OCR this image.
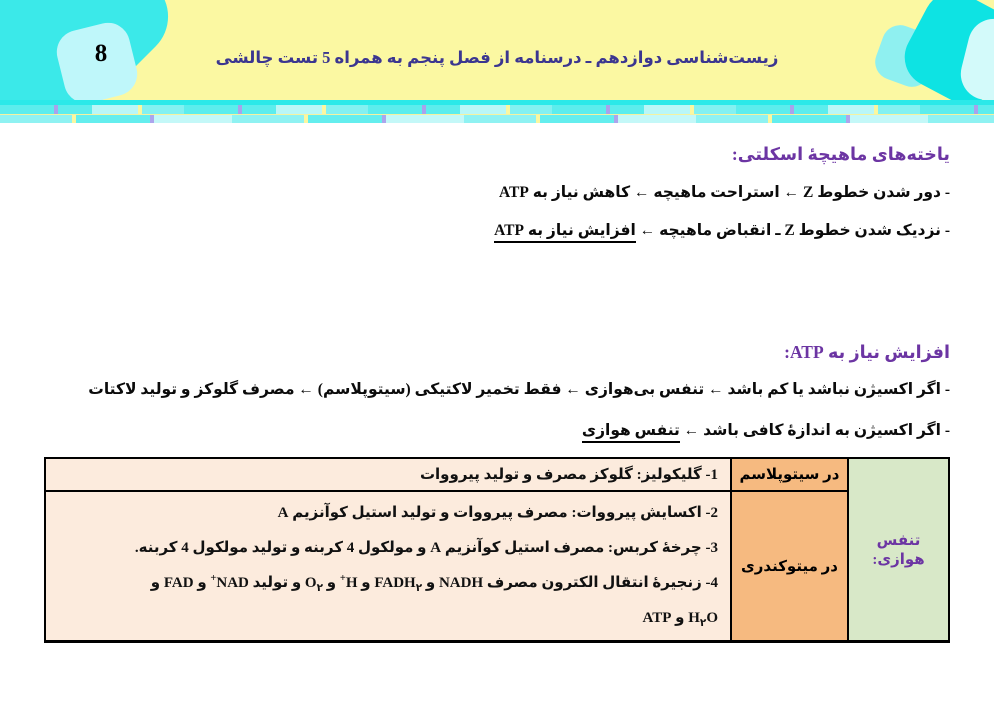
8	زیست‌شناسی دوازدهم ـ درسنامه از فصل پنجم به همراه 5 تست چالشی
یاخته‌های ماهیچهٔ اسکلتی:
- دور شدن خطوط Z ← استراحت ماهیچه ← کاهش نیاز به ATP
- نزدیک شدن خطوط Z ـ انقباض ماهیچه ← افزایش نیاز به ATP
افزایش نیاز به ATP:
- اگر اکسیژن نباشد یا کم باشد ← تنفس بی‌هوازی ← فقط تخمیر لاکتیکی (سیتوپلاسم) ← مصرف گلوکز و تولید لاکتات
- اگر اکسیژن به اندازهٔ کافی باشد ← تنفس هوازی
تنفس هوازی:	در سیتوپلاسم	1- گلیکولیز: گلوکز مصرف و تولید پیرووات
	در میتوکندری	2- اکسایش پیرووات: مصرف پیرووات و تولید استیل کوآنزیم A
3- چرخهٔ کربس: مصرف استیل کوآنزیم A و مولکول 4 کربنه و تولید مولکول 4 کربنه.
4- زنجیرهٔ انتقال الکترون مصرف NADH و $FADH_۲$ و H+ و $O_۲$ و تولید NAD+ و FAD و
$H_۲O$ و ATP
